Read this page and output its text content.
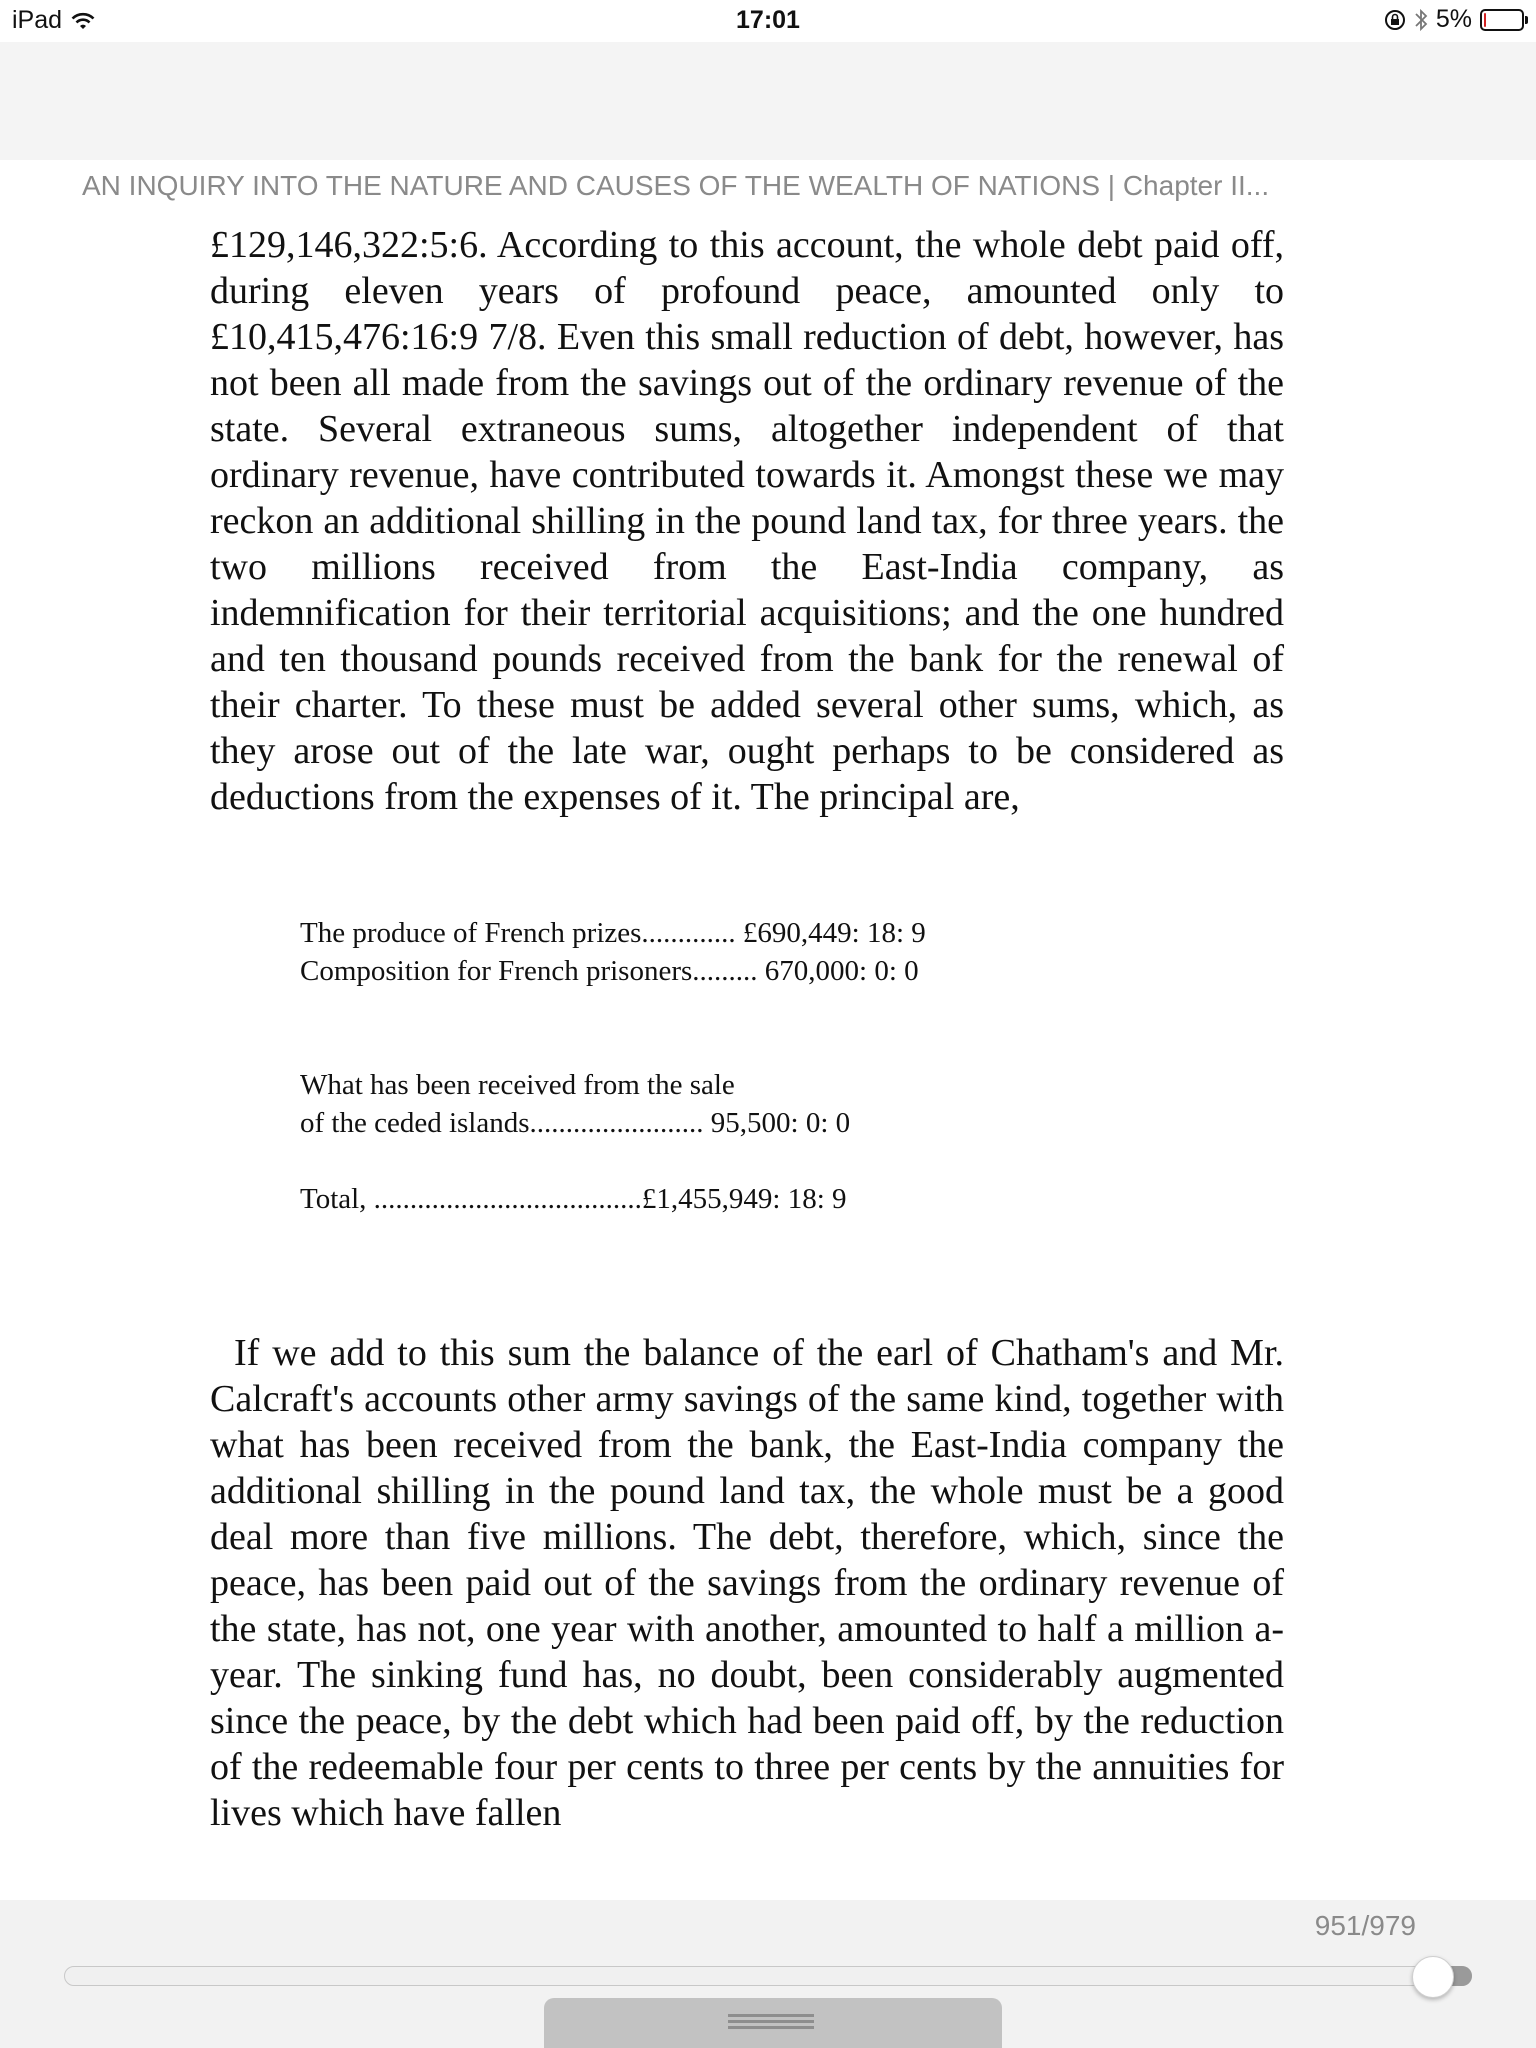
iPad	17:01	5%
AN INQUIRY INTO THE NATURE AND CAUSES OF THE WEALTH OF NATIONS | Chapter II...

£129,146,322:5:6. According to this account, the whole debt paid off, during eleven years of profound peace, amounted only to £10,415,476:16:9 7/8. Even this small reduction of debt, however, has not been all made from the savings out of the ordinary revenue of the state. Several extraneous sums, altogether independent of that ordinary revenue, have contributed towards it. Amongst these we may reckon an additional shilling in the pound land tax, for three years. the two millions received from the East-India company, as indemnification for their territorial acquisitions; and the one hundred and ten thousand pounds received from the bank for the renewal of their charter. To these must be added several other sums, which, as they arose out of the late war, ought perhaps to be considered as deductions from the expenses of it. The principal are,

The produce of French prizes............. £690,449: 18: 9
Composition for French prisoners......... 670,000: 0: 0
What has been received from the sale
of the ceded islands........................ 95,500: 0: 0
Total, .....................................£1,455,949: 18: 9

If we add to this sum the balance of the earl of Chatham's and Mr. Calcraft's accounts other army savings of the same kind, together with what has been received from the bank, the East-India company the additional shilling in the pound land tax, the whole must be a good deal more than five millions. The debt, therefore, which, since the peace, has been paid out of the savings from the ordinary revenue of the state, has not, one year with another, amounted to half a million a-year. The sinking fund has, no doubt, been considerably augmented since the peace, by the debt which had been paid off, by the reduction of the redeemable four per cents to three per cents by the annuities for lives which have fallen

951/979
